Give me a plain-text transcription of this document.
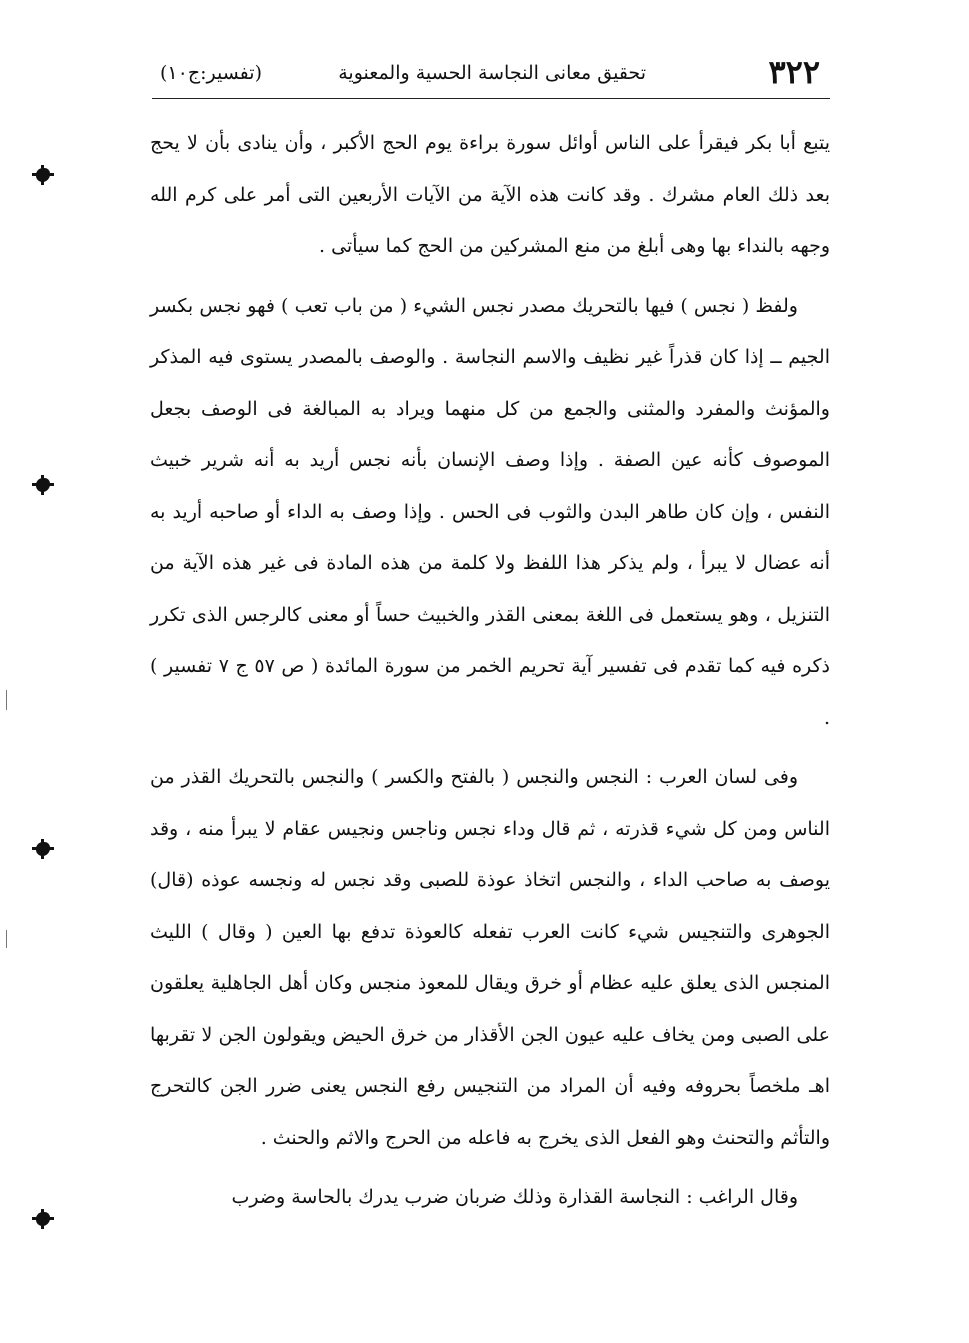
٣٢٢
تحقيق معانى النجاسة الحسية والمعنوية
(تفسير:ج١٠)

يتبع أبا بكر فيقرأ على الناس أوائل سورة براءة يوم الحج الأكبر ، وأن ينادى بأن لا يحج بعد ذلك العام مشرك . وقد كانت هذه الآية من الآيات الأربعين التى أمر على كرم الله وجهه بالنداء بها وهى أبلغ من منع المشركين من الحج كما سيأتى .

ولفظ ( نجس ) فيها بالتحريك مصدر نجس الشيء ( من باب تعب ) فهو نجس بكسر الجيم ــ إذا كان قذراً غير نظيف والاسم النجاسة . والوصف بالمصدر يستوى فيه المذكر والمؤنث والمفرد والمثنى والجمع من كل منهما ويراد به المبالغة فى الوصف بجعل الموصوف كأنه عين الصفة . وإذا وصف الإنسان بأنه نجس أريد به أنه شرير خبيث النفس ، وإن كان طاهر البدن والثوب فى الحس . وإذا وصف به الداء أو صاحبه أريد به أنه عضال لا يبرأ ، ولم يذكر هذا اللفظ ولا كلمة من هذه المادة فى غير هذه الآية من التنزيل ، وهو يستعمل فى اللغة بمعنى القذر والخبيث حساً أو معنى كالرجس الذى تكرر ذكره فيه كما تقدم فى تفسير آية تحريم الخمر من سورة المائدة ( ص ٥٧ ج ٧ تفسير ) .

وفى لسان العرب : النجس والنجس ( بالفتح والكسر ) والنجس بالتحريك القذر من الناس ومن كل شيء قذرته ، ثم قال وداء نجس وناجس ونجيس عقام لا يبرأ منه ، وقد يوصف به صاحب الداء ، والنجس اتخاذ عوذة للصبى وقد نجس له ونجسه عوذه (قال) الجوهرى والتنجيس شيء كانت العرب تفعله كالعوذة تدفع بها العين ( وقال ) الليث المنجس الذى يعلق عليه عظام أو خرق ويقال للمعوذ منجس وكان أهل الجاهلية يعلقون على الصبى ومن يخاف عليه عيون الجن الأقذار من خرق الحيض ويقولون الجن لا تقربها اهـ ملخصاً بحروفه وفيه أن المراد من التنجيس رفع النجس يعنى ضرر الجن كالتحرج والتأثم والتحنث وهو الفعل الذى يخرج به فاعله من الحرج والاثم والحنث .

وقال الراغب : النجاسة القذارة وذلك ضربان ضرب يدرك بالحاسة وضرب
